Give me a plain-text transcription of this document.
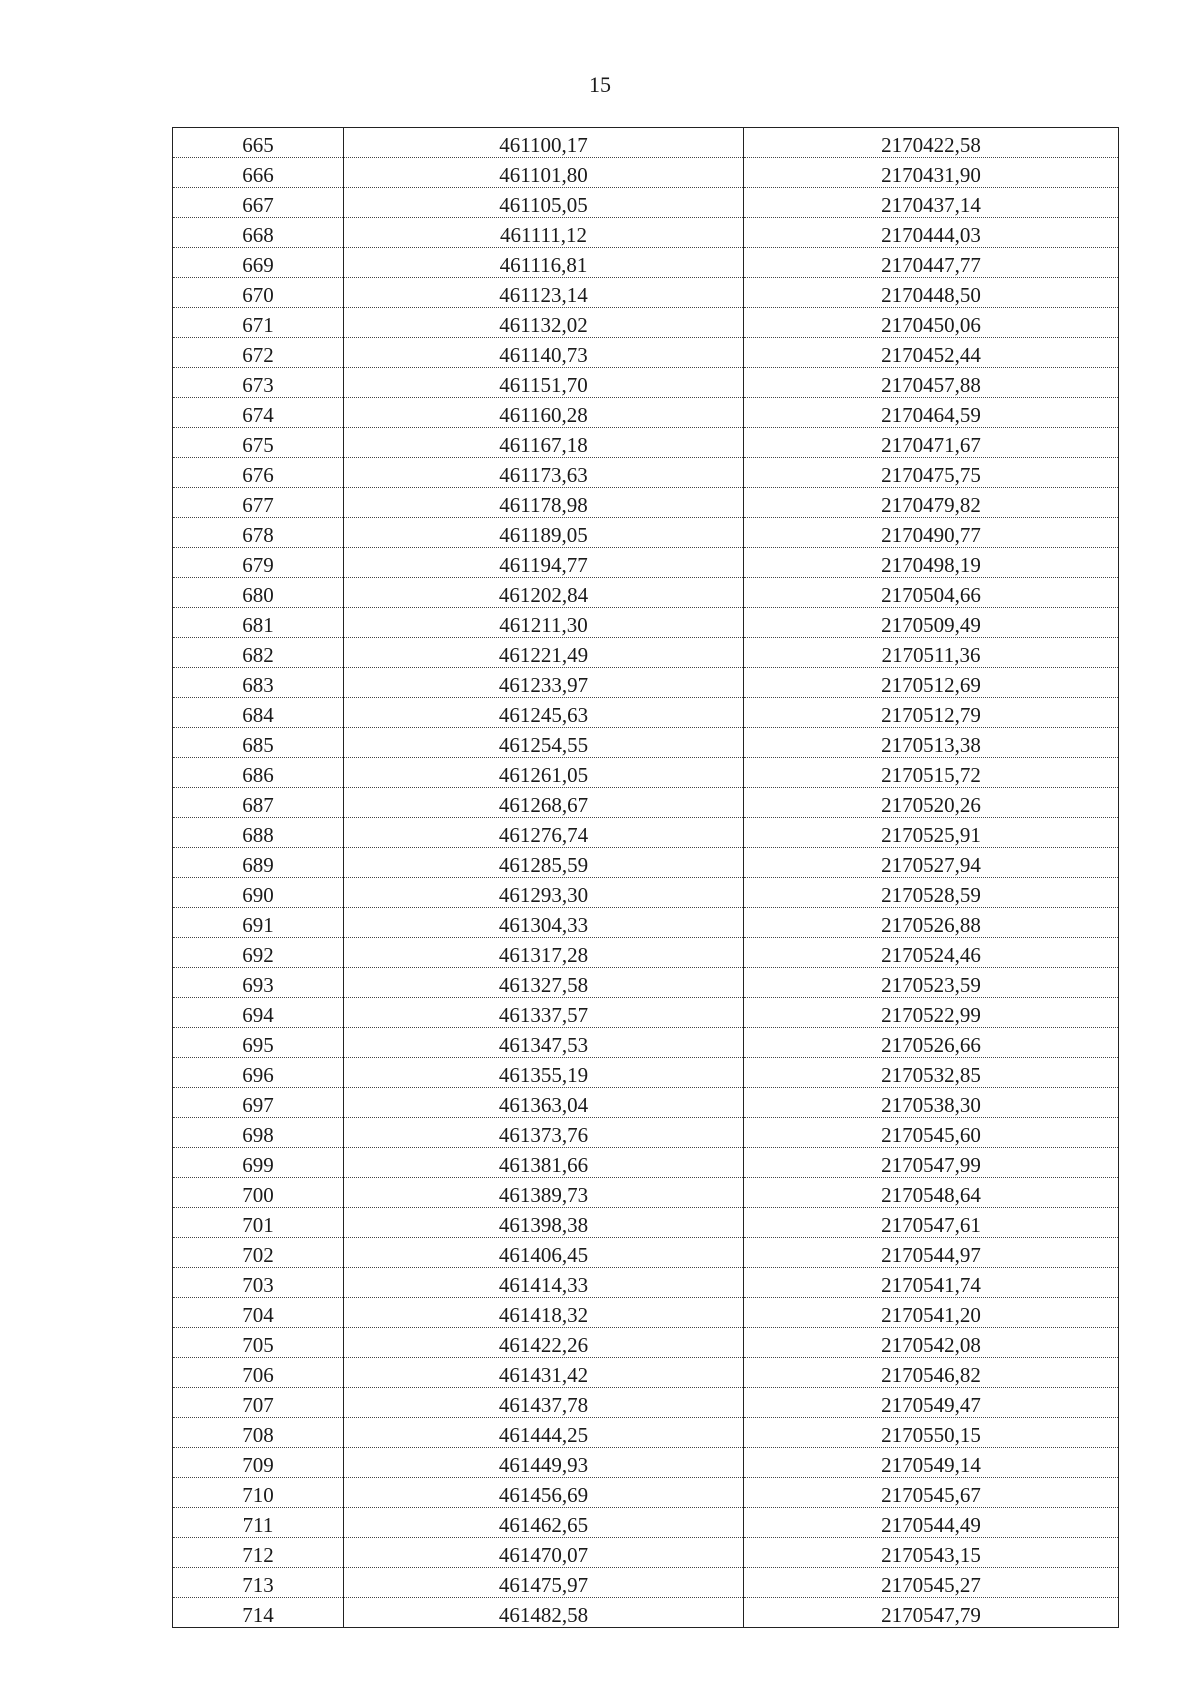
15
665	461100,17	2170422,58
666	461101,80	2170431,90
667	461105,05	2170437,14
668	461111,12	2170444,03
669	461116,81	2170447,77
670	461123,14	2170448,50
671	461132,02	2170450,06
672	461140,73	2170452,44
673	461151,70	2170457,88
674	461160,28	2170464,59
675	461167,18	2170471,67
676	461173,63	2170475,75
677	461178,98	2170479,82
678	461189,05	2170490,77
679	461194,77	2170498,19
680	461202,84	2170504,66
681	461211,30	2170509,49
682	461221,49	2170511,36
683	461233,97	2170512,69
684	461245,63	2170512,79
685	461254,55	2170513,38
686	461261,05	2170515,72
687	461268,67	2170520,26
688	461276,74	2170525,91
689	461285,59	2170527,94
690	461293,30	2170528,59
691	461304,33	2170526,88
692	461317,28	2170524,46
693	461327,58	2170523,59
694	461337,57	2170522,99
695	461347,53	2170526,66
696	461355,19	2170532,85
697	461363,04	2170538,30
698	461373,76	2170545,60
699	461381,66	2170547,99
700	461389,73	2170548,64
701	461398,38	2170547,61
702	461406,45	2170544,97
703	461414,33	2170541,74
704	461418,32	2170541,20
705	461422,26	2170542,08
706	461431,42	2170546,82
707	461437,78	2170549,47
708	461444,25	2170550,15
709	461449,93	2170549,14
710	461456,69	2170545,67
711	461462,65	2170544,49
712	461470,07	2170543,15
713	461475,97	2170545,27
714	461482,58	2170547,79
